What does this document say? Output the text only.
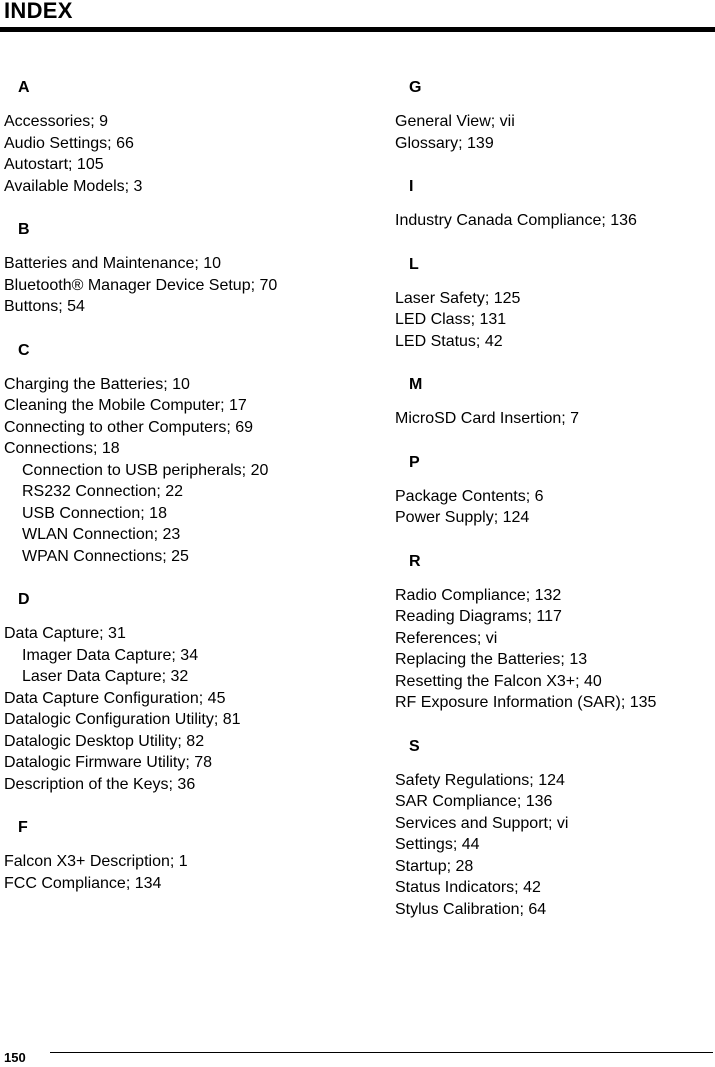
INDEX
A
Accessories; 9
Audio Settings; 66
Autostart; 105
Available Models; 3
B
Batteries and Maintenance; 10
Bluetooth® Manager Device Setup; 70
Buttons; 54
C
Charging the Batteries; 10
Cleaning the Mobile Computer; 17
Connecting to other Computers; 69
Connections; 18
Connection to USB peripherals; 20
RS232 Connection; 22
USB Connection; 18
WLAN Connection; 23
WPAN Connections; 25
D
Data Capture; 31
Imager Data Capture; 34
Laser Data Capture; 32
Data Capture Configuration; 45
Datalogic Configuration Utility; 81
Datalogic Desktop Utility; 82
Datalogic Firmware Utility; 78
Description of the Keys; 36
F
Falcon X3+ Description; 1
FCC Compliance; 134
G
General View; vii
Glossary; 139
I
Industry Canada Compliance; 136
L
Laser Safety; 125
LED Class; 131
LED Status; 42
M
MicroSD Card Insertion; 7
P
Package Contents; 6
Power Supply; 124
R
Radio Compliance; 132
Reading Diagrams; 117
References; vi
Replacing the Batteries; 13
Resetting the Falcon X3+; 40
RF Exposure Information (SAR); 135
S
Safety Regulations; 124
SAR Compliance; 136
Services and Support; vi
Settings; 44
Startup; 28
Status Indicators; 42
Stylus Calibration; 64
150
